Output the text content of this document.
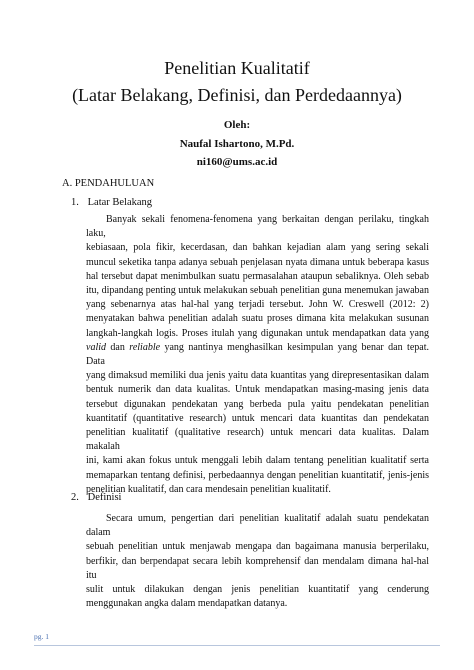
Penelitian Kualitatif
(Latar Belakang, Definisi, dan Perdedaannya)
Oleh:
Naufal Ishartono, M.Pd.
ni160@ums.ac.id
A. PENDAHULUAN
1. Latar Belakang
Banyak sekali fenomena-fenomena yang berkaitan dengan perilaku, tingkah laku,
kebiasaan, pola fikir, kecerdasan, dan bahkan kejadian alam yang sering sekali
muncul seketika tanpa adanya sebuah penjelasan nyata dimana untuk beberapa kasus
hal tersebut dapat menimbulkan suatu permasalahan ataupun sebaliknya. Oleh sebab
itu, dipandang penting untuk melakukan sebuah penelitian guna menemukan jawaban
yang sebenarnya atas hal-hal yang terjadi tersebut. John W. Creswell (2012: 2)
menyatakan bahwa penelitian adalah suatu proses dimana kita melakukan susunan
langkah-langkah logis. Proses itulah yang digunakan untuk mendapatkan data yang
valid dan reliable yang nantinya menghasilkan kesimpulan yang benar dan tepat. Data
yang dimaksud memiliki dua jenis yaitu data kuantitas yang direpresentasikan dalam
bentuk numerik dan data kualitas. Untuk mendapatkan masing-masing jenis data
tersebut digunakan pendekatan yang berbeda pula yaitu pendekatan penelitian
kuantitatif (quantitative research) untuk mencari data kuantitas dan pendekatan
penelitian kualitatif (qualitative research) untuk mencari data kualitas. Dalam makalah
ini, kami akan fokus untuk menggali lebih dalam tentang penelitian kualitatif serta
memaparkan tentang definisi, perbedaannya dengan penelitian kuantitatif, jenis-jenis
penelitian kualitatif, dan cara mendesain penelitian kualitatif.
2. Definisi
Secara umum, pengertian dari penelitian kualitatif adalah suatu pendekatan dalam
sebuah penelitian untuk menjawab mengapa dan bagaimana manusia berperilaku,
berfikir, dan berpendapat secara lebih komprehensif dan mendalam dimana hal-hal itu
sulit untuk dilakukan dengan jenis penelitian kuantitatif yang cenderung
menggunakan angka dalam mendapatkan datanya.
pg. 1
